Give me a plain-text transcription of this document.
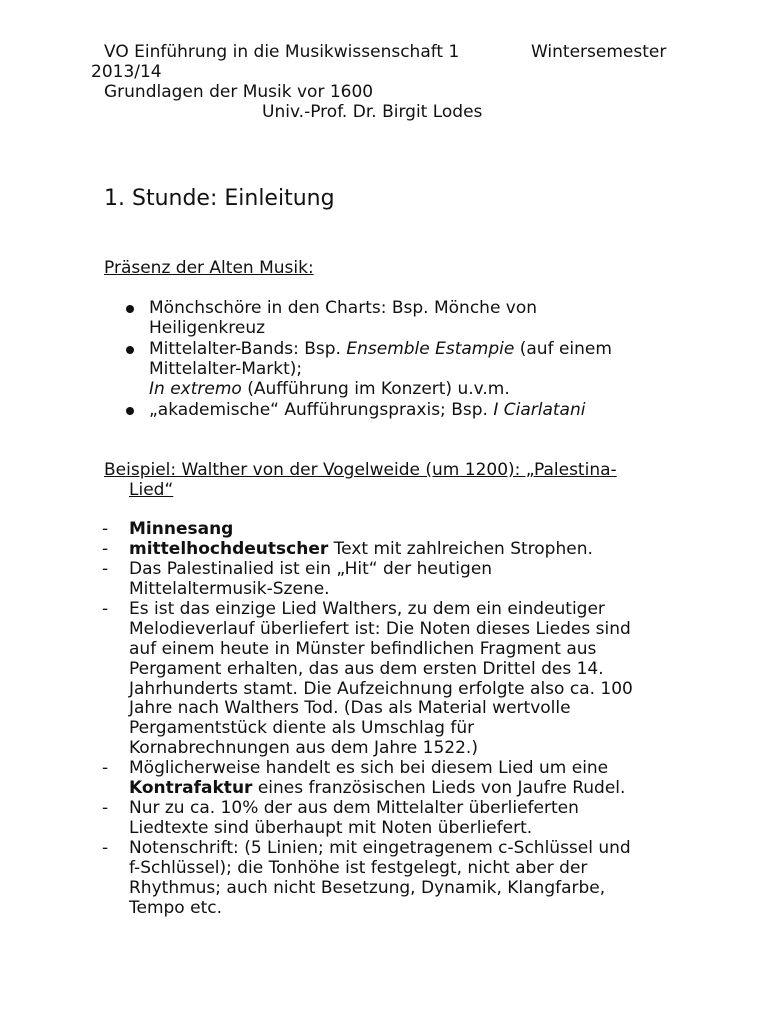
VO Einführung in die Musikwissenschaft 1	Wintersemester
2013/14
Grundlagen der Musik vor 1600
Univ.-Prof. Dr. Birgit Lodes
1. Stunde: Einleitung
Präsenz der Alten Musik:
Mönchschöre in den Charts: Bsp. Mönche von
Heiligenkreuz
Mittelalter-Bands: Bsp. Ensemble Estampie (auf einem
Mittelalter-Markt);
In extremo (Aufführung im Konzert) u.v.m.
„akademische“ Aufführungspraxis; Bsp. I Ciarlatani
Beispiel: Walther von der Vogelweide (um 1200): „Palestina-
Lied“
- Minnesang
- mittelhochdeutscher Text mit zahlreichen Strophen.
- Das Palestinalied ist ein „Hit“ der heutigen
Mittelaltermusik-Szene.
- Es ist das einzige Lied Walthers, zu dem ein eindeutiger
Melodieverlauf überliefert ist: Die Noten dieses Liedes sind
auf einem heute in Münster befindlichen Fragment aus
Pergament erhalten, das aus dem ersten Drittel des 14.
Jahrhunderts stamt. Die Aufzeichnung erfolgte also ca. 100
Jahre nach Walthers Tod. (Das als Material wertvolle
Pergamentstück diente als Umschlag für
Kornabrechnungen aus dem Jahre 1522.)
- Möglicherweise handelt es sich bei diesem Lied um eine
Kontrafaktur eines französischen Lieds von Jaufre Rudel.
- Nur zu ca. 10% der aus dem Mittelalter überlieferten
Liedtexte sind überhaupt mit Noten überliefert.
- Notenschrift: (5 Linien; mit eingetragenem c-Schlüssel und
f-Schlüssel); die Tonhöhe ist festgelegt, nicht aber der
Rhythmus; auch nicht Besetzung, Dynamik, Klangfarbe,
Tempo etc.
